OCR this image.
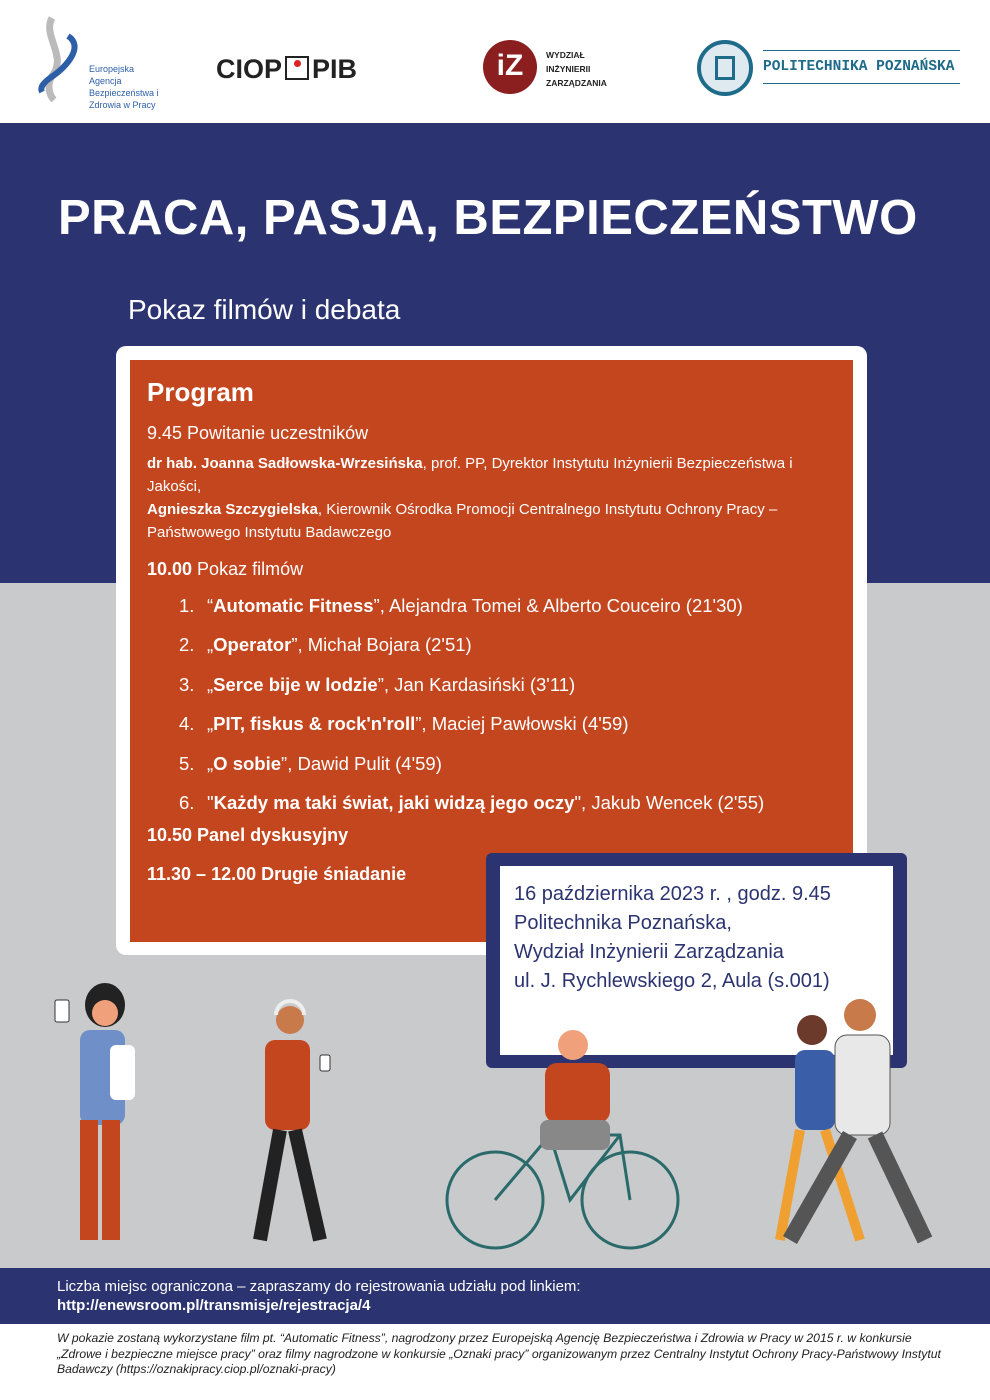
Europejska Agencja Bezpieczeństwa i Zdrowia w Pracy
CIOP PIB	iZ	WYDZIAŁ
INŻYNIERII
ZARZĄDZANIA
POLITECHNIKA POZNAŃSKA
PRACA, PASJA, BEZPIECZEŃSTWO
Pokaz filmów i debata
Program
9.45 Powitanie uczestników
dr hab. Joanna Sadłowska-Wrzesińska, prof. PP, Dyrektor Instytutu Inżynierii Bezpieczeństwa i Jakości,
Agnieszka Szczygielska, Kierownik Ośrodka Promocji Centralnego Instytutu Ochrony Pracy – Państwowego Instytutu Badawczego
10.00 Pokaz filmów
1. “Automatic Fitness”, Alejandra Tomei & Alberto Couceiro (21'30)
2. „Operator”, Michał Bojara (2'51)
3. „Serce bije w lodzie”, Jan Kardasiński (3'11)
4. „PIT, fiskus & rock'n'roll”, Maciej Pawłowski (4'59)
5. „O sobie”, Dawid Pulit (4'59)
6. "Każdy ma taki świat, jaki widzą jego oczy", Jakub Wencek (2'55)
10.50 Panel dyskusyjny
11.30 – 12.00 Drugie śniadanie
16 października 2023 r. , godz. 9.45
Politechnika Poznańska,
Wydział Inżynierii Zarządzania
ul. J. Rychlewskiego 2, Aula (s.001)
Liczba miejsc ograniczona – zapraszamy do rejestrowania udziału pod linkiem:
http://enewsroom.pl/transmisje/rejestracja/4
W pokazie zostaną wykorzystane film pt. “Automatic Fitness”, nagrodzony przez Europejską Agencję Bezpieczeństwa i Zdrowia w Pracy w 2015 r. w konkursie „Zdrowe i bezpieczne miejsce pracy” oraz filmy nagrodzone w konkursie „Oznaki pracy” organizowanym przez Centralny Instytut Ochrony Pracy-Państwowy Instytut Badawczy (https://oznakipracy.ciop.pl/oznaki-pracy)
